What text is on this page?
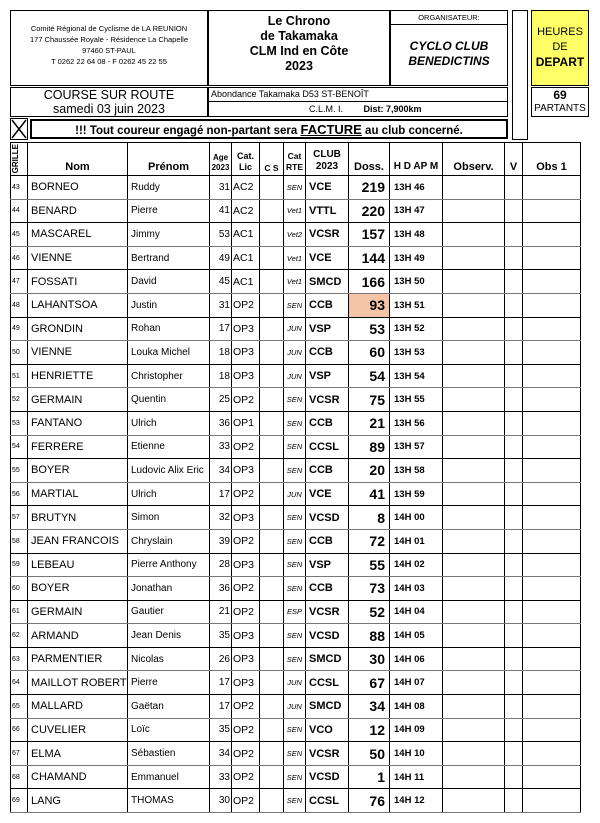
Comité Régional de Cyclisme de LA REUNION
177 Chaussée Royale - Résidence La Chapelle
97460 ST-PAUL
T 0262 22 64 08 - F 0262 45 22 55
Le Chrono
de Takamaka
CLM Ind en Côte
2023
ORGANISATEUR:
CYCLO CLUB
BENEDICTINS
HEURES
DE
DEPART
COURSE SUR ROUTE
samedi 03 juin 2023
Abondance Takamaka D53 ST-BENOÎT
C.L.M. I. Dist: 7,900km
69
PARTANTS
!!! Tout coureur engagé non-partant sera FACTURE au club concerné.
GRILLE	Nom	Prénom	Age 2023	Cat. Lic	C S	Cat RTE	CLUB 2023	Doss.	H D AP M	Observ.	V	Obs 1
43	BORNEO	Ruddy	31	AC2		SEN	VCE	219	13H 46			
44	BENARD	Pierre	41	AC2		Vet1	VTTL	220	13H 47			
45	MASCAREL	Jimmy	53	AC1		Vet2	VCSR	157	13H 48			
46	VIENNE	Bertrand	49	AC1		Vet1	VCE	144	13H 49			
47	FOSSATI	David	45	AC1		Vet1	SMCD	166	13H 50			
48	LAHANTSOA	Justin	31	OP2		SEN	CCB	93	13H 51			
49	GRONDIN	Rohan	17	OP3		JUN	VSP	53	13H 52			
50	VIENNE	Louka Michel	18	OP3		JUN	CCB	60	13H 53			
51	HENRIETTE	Christopher	18	OP3		JUN	VSP	54	13H 54			
52	GERMAIN	Quentin	25	OP2		SEN	VCSR	75	13H 55			
53	FANTANO	Ulrich	36	OP1		SEN	CCB	21	13H 56			
54	FERRERE	Etienne	33	OP2		SEN	CCSL	89	13H 57			
55	BOYER	Ludovic Alix Eric	34	OP3		SEN	CCB	20	13H 58			
56	MARTIAL	Ulrich	17	OP2		JUN	VCE	41	13H 59			
57	BRUTYN	Simon	32	OP3		SEN	VCSD	8	14H 00			
58	JEAN FRANCOIS	Chryslain	39	OP2		SEN	CCB	72	14H 01			
59	LEBEAU	Pierre Anthony	28	OP3		SEN	VSP	55	14H 02			
60	BOYER	Jonathan	36	OP2		SEN	CCB	73	14H 03			
61	GERMAIN	Gautier	21	OP2		ESP	VCSR	52	14H 04			
62	ARMAND	Jean Denis	35	OP3		SEN	VCSD	88	14H 05			
63	PARMENTIER	Nicolas	26	OP3		SEN	SMCD	30	14H 06			
64	MAILLOT ROBERT	Pierre	17	OP3		JUN	CCSL	67	14H 07			
65	MALLARD	Gaëtan	17	OP2		JUN	SMCD	34	14H 08			
66	CUVELIER	Loïc	35	OP2		SEN	VCO	12	14H 09			
67	ELMA	Sébastien	34	OP2		SEN	VCSR	50	14H 10			
68	CHAMAND	Emmanuel	33	OP2		SEN	VCSD	1	14H 11			
69	LANG	THOMAS	30	OP2		SEN	CCSL	76	14H 12			
